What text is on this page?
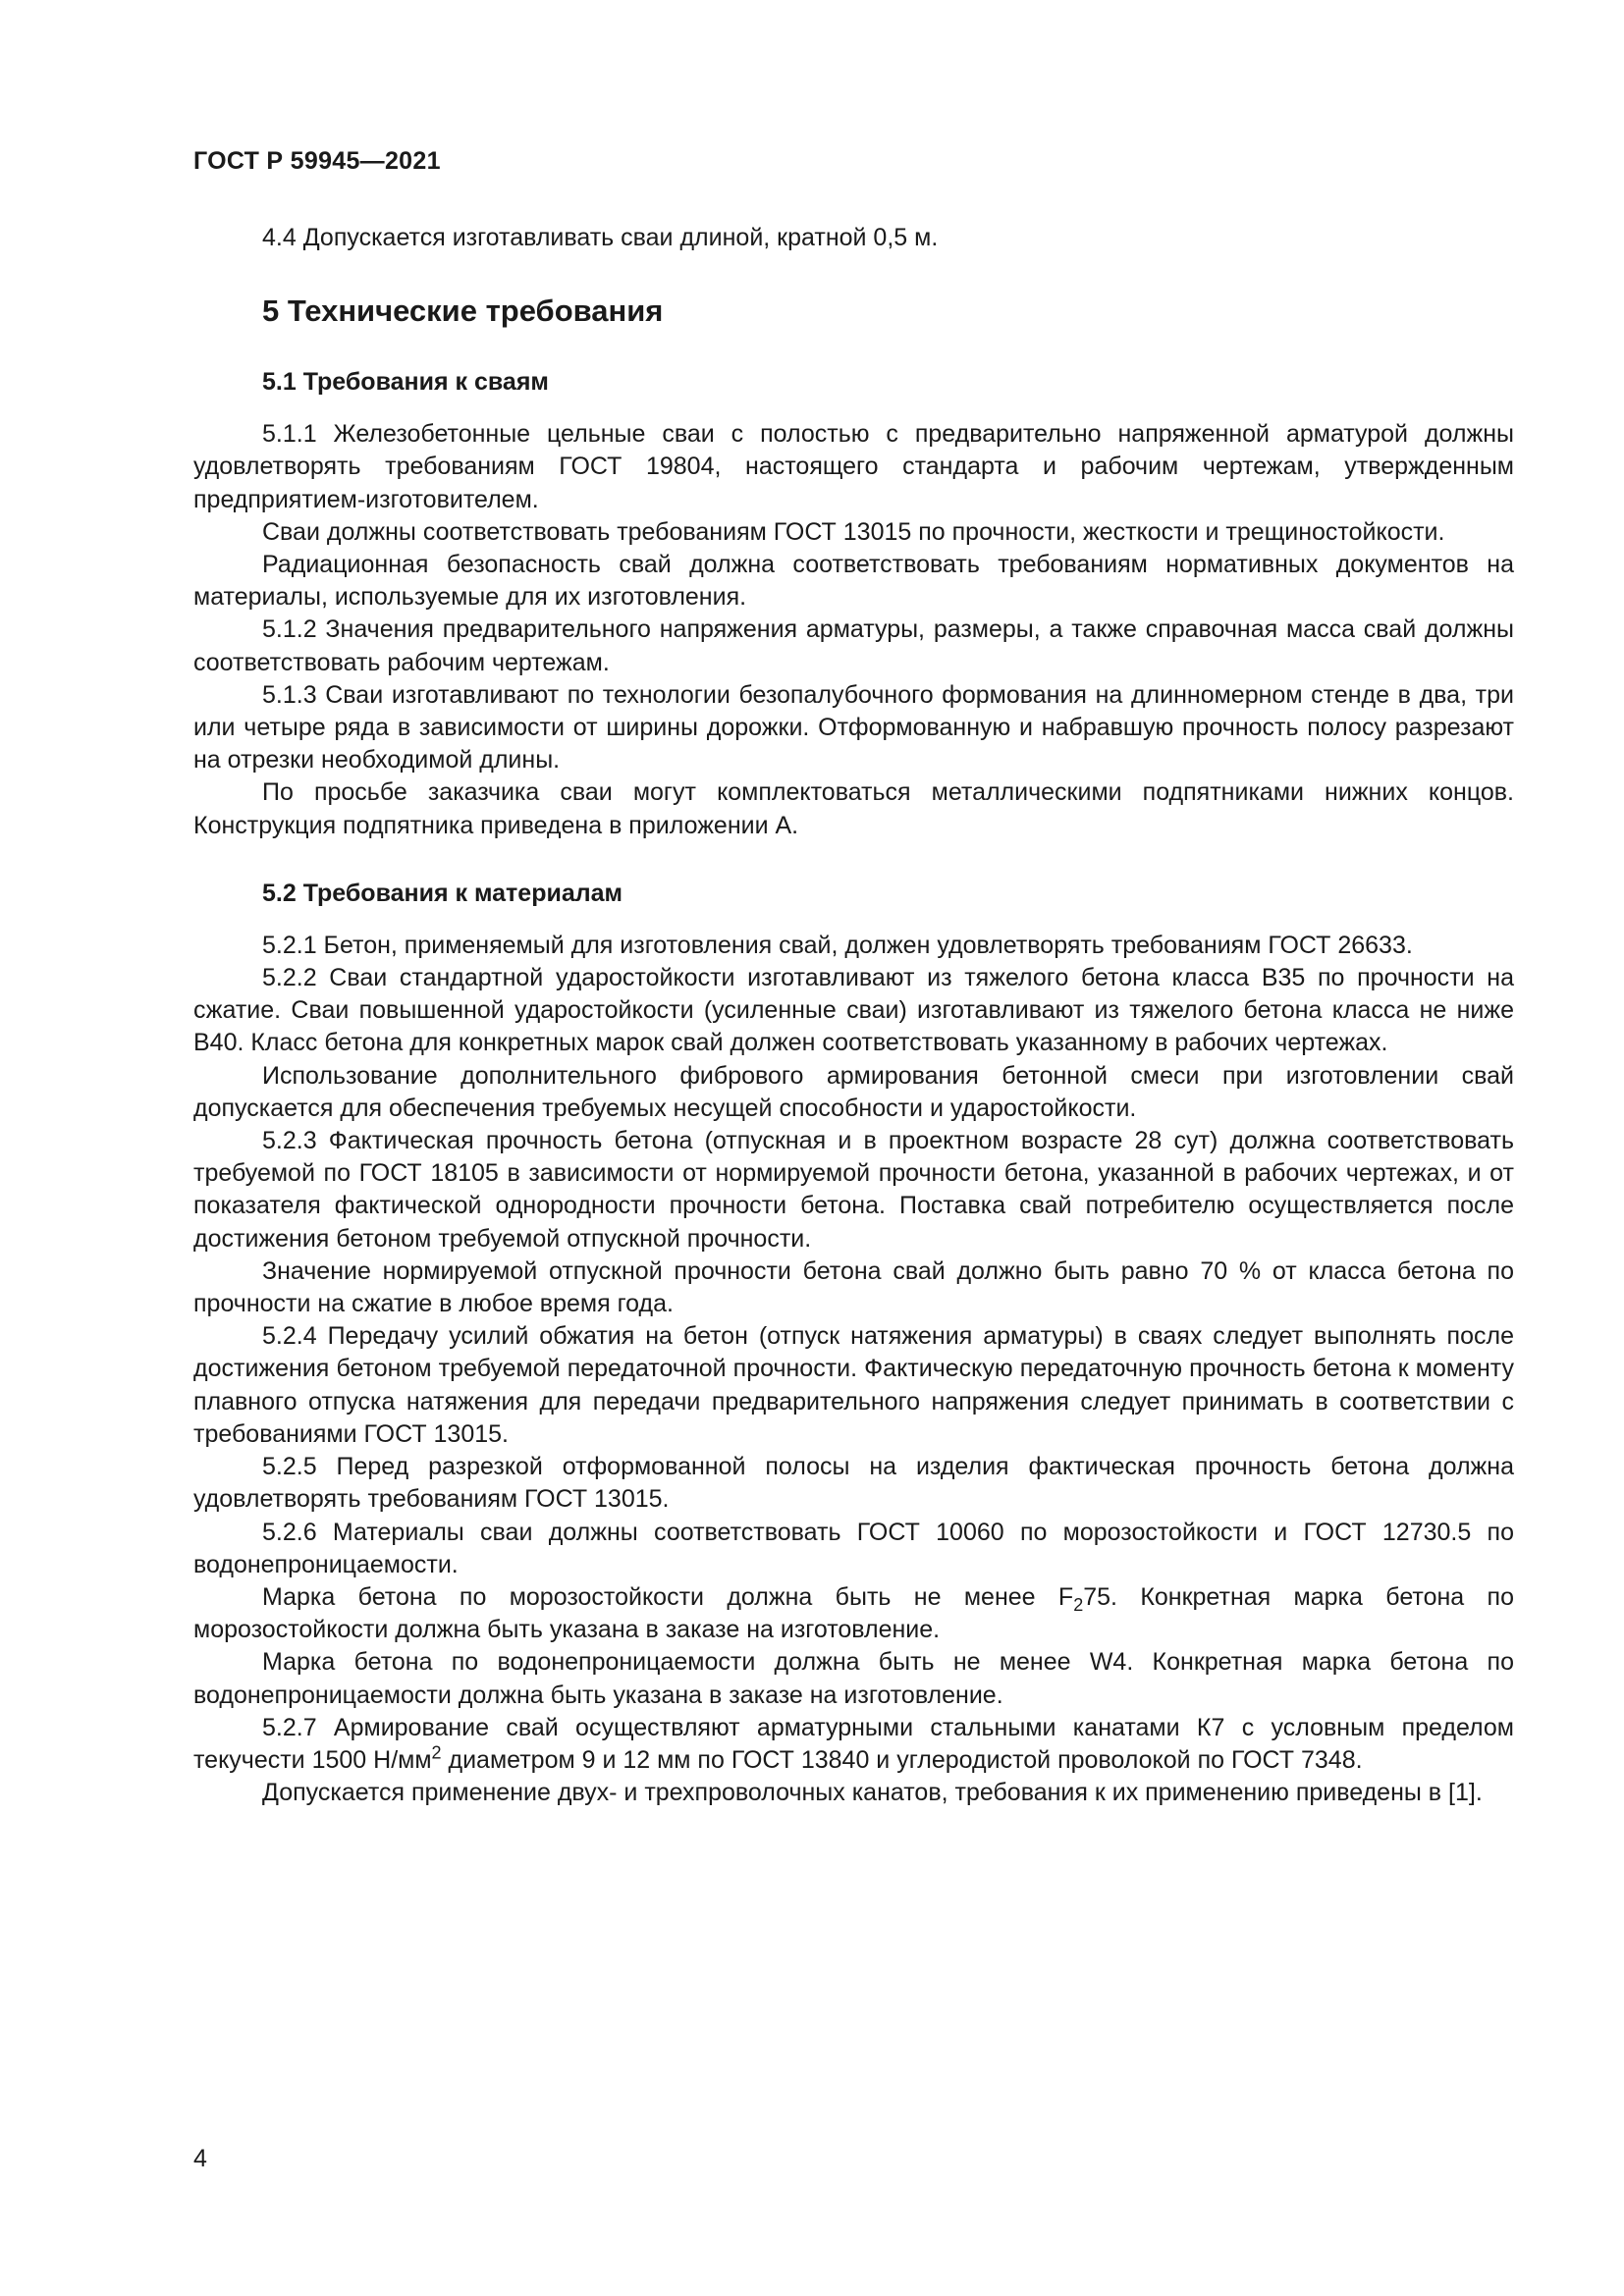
ГОСТ Р 59945—2021

4.4 Допускается изготавливать сваи длиной, кратной 0,5 м.

5 Технические требования
5.1 Требования к сваям

5.1.1 Железобетонные цельные сваи с полостью с предварительно напряженной арматурой должны удовлетворять требованиям ГОСТ 19804, настоящего стандарта и рабочим чертежам, утвержденным предприятием-изготовителем.

Сваи должны соответствовать требованиям ГОСТ 13015 по прочности, жесткости и трещиностойкости.

Радиационная безопасность свай должна соответствовать требованиям нормативных документов на материалы, используемые для их изготовления.

5.1.2 Значения предварительного напряжения арматуры, размеры, а также справочная масса свай должны соответствовать рабочим чертежам.

5.1.3 Сваи изготавливают по технологии безопалубочного формования на длинномерном стенде в два, три или четыре ряда в зависимости от ширины дорожки. Отформованную и набравшую прочность полосу разрезают на отрезки необходимой длины.

По просьбе заказчика сваи могут комплектоваться металлическими подпятниками нижних концов. Конструкция подпятника приведена в приложении А.

5.2 Требования к материалам

5.2.1 Бетон, применяемый для изготовления свай, должен удовлетворять требованиям ГОСТ 26633.

5.2.2 Сваи стандартной ударостойкости изготавливают из тяжелого бетона класса В35 по прочности на сжатие. Сваи повышенной ударостойкости (усиленные сваи) изготавливают из тяжелого бетона класса не ниже В40. Класс бетона для конкретных марок свай должен соответствовать указанному в рабочих чертежах.

Использование дополнительного фибрового армирования бетонной смеси при изготовлении свай допускается для обеспечения требуемых несущей способности и ударостойкости.

5.2.3 Фактическая прочность бетона (отпускная и в проектном возрасте 28 сут) должна соответствовать требуемой по ГОСТ 18105 в зависимости от нормируемой прочности бетона, указанной в рабочих чертежах, и от показателя фактической однородности прочности бетона. Поставка свай потребителю осуществляется после достижения бетоном требуемой отпускной прочности.

Значение нормируемой отпускной прочности бетона свай должно быть равно 70 % от класса бетона по прочности на сжатие в любое время года.

5.2.4 Передачу усилий обжатия на бетон (отпуск натяжения арматуры) в сваях следует выполнять после достижения бетоном требуемой передаточной прочности. Фактическую передаточную прочность бетона к моменту плавного отпуска натяжения для передачи предварительного напряжения следует принимать в соответствии с требованиями ГОСТ 13015.

5.2.5 Перед разрезкой отформованной полосы на изделия фактическая прочность бетона должна удовлетворять требованиям ГОСТ 13015.

5.2.6 Материалы сваи должны соответствовать ГОСТ 10060 по морозостойкости и ГОСТ 12730.5 по водонепроницаемости.

Марка бетона по морозостойкости должна быть не менее $F_275$. Конкретная марка бетона по морозостойкости должна быть указана в заказе на изготовление.

Марка бетона по водонепроницаемости должна быть не менее W4. Конкретная марка бетона по водонепроницаемости должна быть указана в заказе на изготовление.

5.2.7 Армирование свай осуществляют арматурными стальными канатами К7 с условным пределом текучести 1500 $Н/мм^2$ диаметром 9 и 12 мм по ГОСТ 13840 и углеродистой проволокой по ГОСТ 7348.

Допускается применение двух- и трехпроволочных канатов, требования к их применению приведены в [1].

4
